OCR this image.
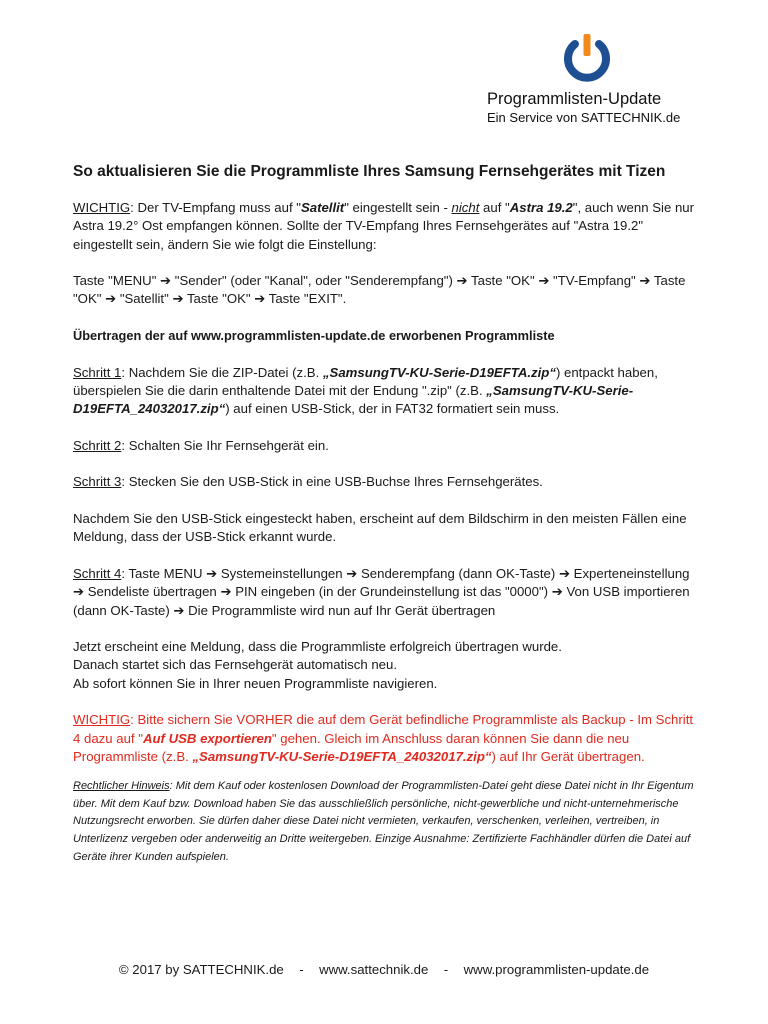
Programmlisten-Update
Ein Service von SATTECHNIK.de
So aktualisieren Sie die Programmliste Ihres Samsung Fernsehgerätes mit Tizen

WICHTIG: Der TV-Empfang muss auf "Satellit" eingestellt sein - nicht auf "Astra 19.2", auch wenn Sie nur Astra 19.2° Ost empfangen können. Sollte der TV-Empfang Ihres Fernsehgerätes auf "Astra 19.2" eingestellt sein, ändern Sie wie folgt die Einstellung:

Taste "MENU" ➔ "Sender" (oder "Kanal", oder "Senderempfang") ➔ Taste "OK" ➔ "TV-Empfang" ➔ Taste "OK" ➔ "Satellit" ➔ Taste "OK" ➔ Taste "EXIT".

Übertragen der auf www.programmlisten-update.de erworbenen Programmliste

Schritt 1: Nachdem Sie die ZIP-Datei (z.B. „SamsungTV-KU-Serie-D19EFTA.zip“) entpackt haben, überspielen Sie die darin enthaltende Datei mit der Endung ".zip" (z.B. „SamsungTV-KU-Serie-D19EFTA_24032017.zip“) auf einen USB-Stick, der in FAT32 formatiert sein muss.

Schritt 2: Schalten Sie Ihr Fernsehgerät ein.

Schritt 3: Stecken Sie den USB-Stick in eine USB-Buchse Ihres Fernsehgerätes.

Nachdem Sie den USB-Stick eingesteckt haben, erscheint auf dem Bildschirm in den meisten Fällen eine Meldung, dass der USB-Stick erkannt wurde.

Schritt 4: Taste MENU ➔ Systemeinstellungen ➔ Senderempfang (dann OK-Taste) ➔ Experteneinstellung ➔ Sendeliste übertragen ➔ PIN eingeben (in der Grundeinstellung ist das "0000") ➔ Von USB importieren (dann OK-Taste) ➔ Die Programmliste wird nun auf Ihr Gerät übertragen

Jetzt erscheint eine Meldung, dass die Programmliste erfolgreich übertragen wurde.

Danach startet sich das Fernsehgerät automatisch neu.

Ab sofort können Sie in Ihrer neuen Programmliste navigieren.

WICHTIG: Bitte sichern Sie VORHER die auf dem Gerät befindliche Programmliste als Backup - Im Schritt 4 dazu auf "Auf USB exportieren" gehen. Gleich im Anschluss daran können Sie dann die neu Programmliste (z.B. „SamsungTV-KU-Serie-D19EFTA_24032017.zip“) auf Ihr Gerät übertragen.

Rechtlicher Hinweis: Mit dem Kauf oder kostenlosen Download der Programmlisten-Datei geht diese Datei nicht in Ihr Eigentum über. Mit dem Kauf bzw. Download haben Sie das ausschließlich persönliche, nicht-gewerbliche und nicht-unternehmerische Nutzungsrecht erworben. Sie dürfen daher diese Datei nicht vermieten, verkaufen, verschenken, verleihen, vertreiben, in Unterlizenz vergeben oder anderweitig an Dritte weitergeben. Einzige Ausnahme: Zertifizierte Fachhändler dürfen die Datei auf Geräte ihrer Kunden aufspielen.

© 2017 by SATTECHNIK.de - www.sattechnik.de - www.programmlisten-update.de
